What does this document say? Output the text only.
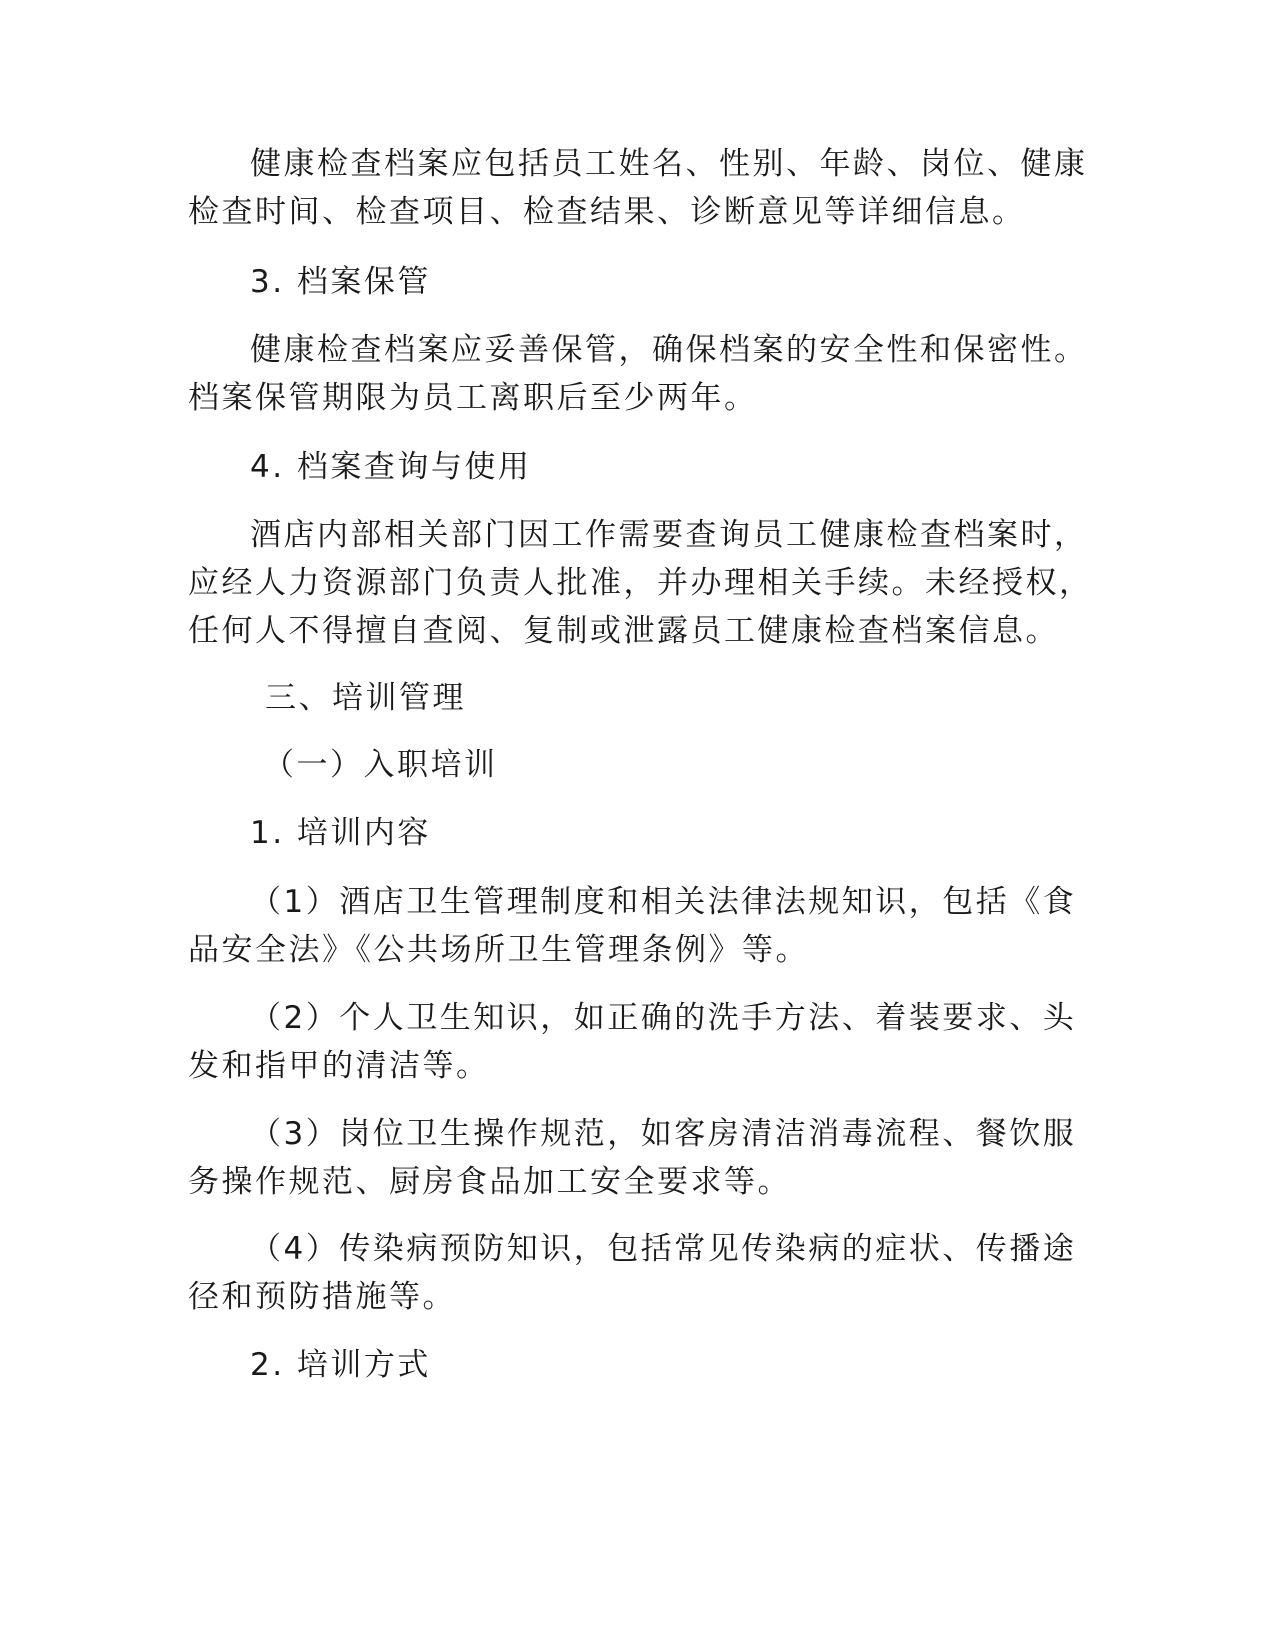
健康检查档案应包括员工姓名、性别、年龄、岗位、健康
检查时间、检查项目、检查结果、诊断意见等详细信息。
3. 档案保管
健康检查档案应妥善保管，确保档案的安全性和保密性。
档案保管期限为员工离职后至少两年。
4. 档案查询与使用
酒店内部相关部门因工作需要查询员工健康检查档案时，
应经人力资源部门负责人批准，并办理相关手续。未经授权，
任何人不得擅自查阅、复制或泄露员工健康检查档案信息。
三、培训管理
（一）入职培训
1. 培训内容
（1）酒店卫生管理制度和相关法律法规知识，包括《食
品安全法》《公共场所卫生管理条例》等。
（2）个人卫生知识，如正确的洗手方法、着装要求、头
发和指甲的清洁等。
（3）岗位卫生操作规范，如客房清洁消毒流程、餐饮服
务操作规范、厨房食品加工安全要求等。
（4）传染病预防知识，包括常见传染病的症状、传播途
径和预防措施等。
2. 培训方式
